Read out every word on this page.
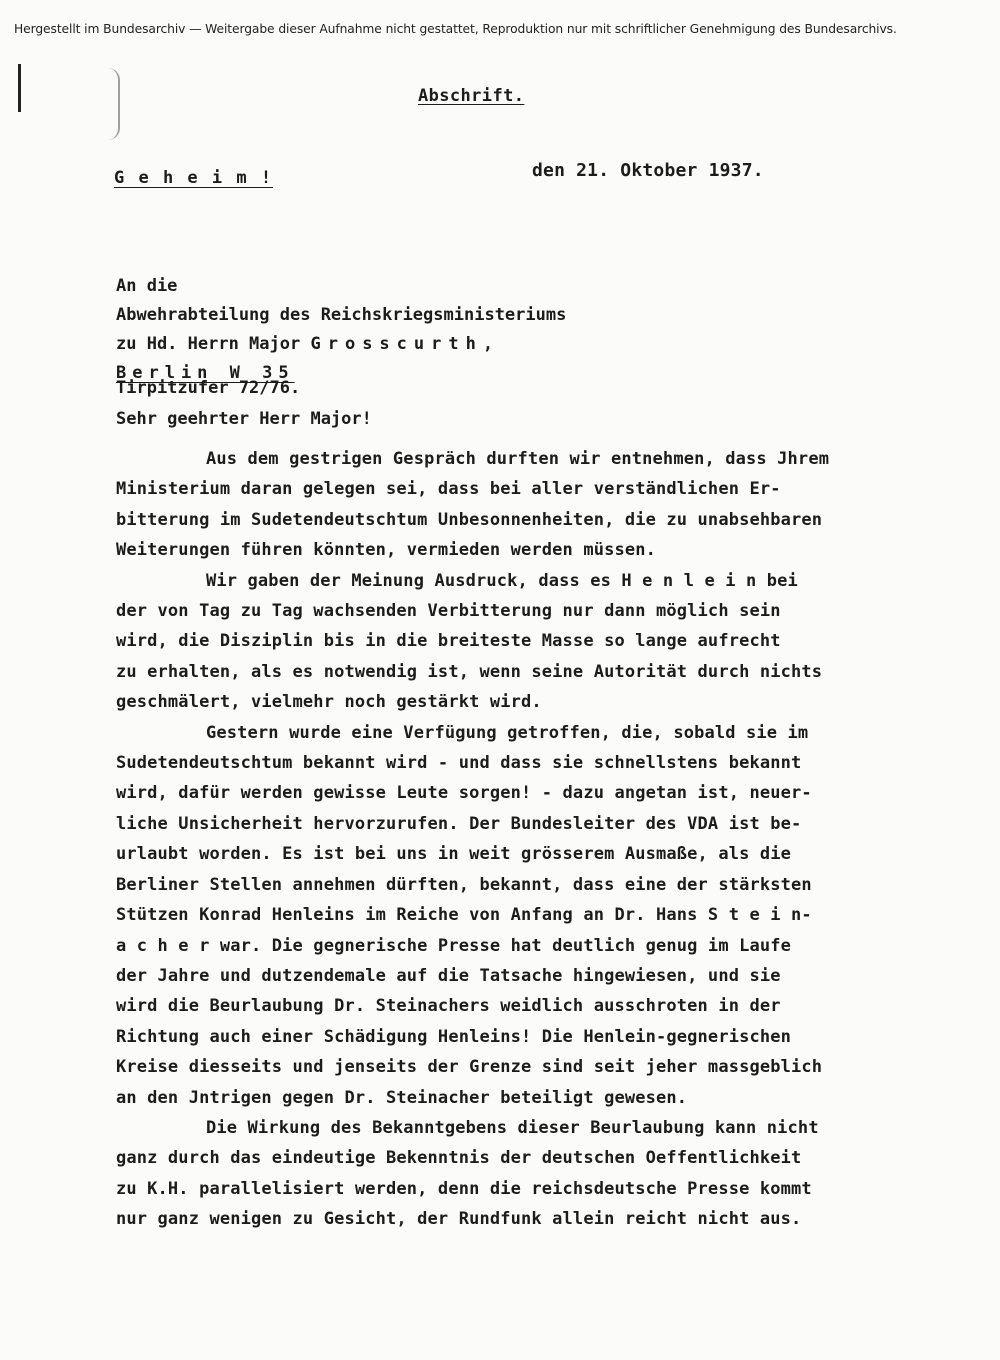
Hergestellt im Bundesarchiv — Weitergabe dieser Aufnahme nicht gestattet, Reproduktion nur mit schriftlicher Genehmigung des Bundesarchivs.
Abschrift.

G e h e i m !	den 21. Oktober 1937.
An die
Abwehrabteilung des Reichskriegsministeriums
zu Hd. Herrn Major Grosscurth,
Berlin W 35
Tirpitzufer 72/76.
Sehr geehrter Herr Major!
Aus dem gestrigen Gespräch durften wir entnehmen, dass Jhrem
Ministerium daran gelegen sei, dass bei aller verständlichen Er-
bitterung im Sudetendeutschtum Unbesonnenheiten, die zu unabsehbaren
Weiterungen führen könnten, vermieden werden müssen.
Wir gaben der Meinung Ausdruck, dass es H e n l e i n bei
der von Tag zu Tag wachsenden Verbitterung nur dann möglich sein
wird, die Disziplin bis in die breiteste Masse so lange aufrecht
zu erhalten, als es notwendig ist, wenn seine Autorität durch nichts
geschmälert, vielmehr noch gestärkt wird.
Gestern wurde eine Verfügung getroffen, die, sobald sie im
Sudetendeutschtum bekannt wird - und dass sie schnellstens bekannt
wird, dafür werden gewisse Leute sorgen! - dazu angetan ist, neuer-
liche Unsicherheit hervorzurufen. Der Bundesleiter des VDA ist be-
urlaubt worden. Es ist bei uns in weit grösserem Ausmaße, als die
Berliner Stellen annehmen dürften, bekannt, dass eine der stärksten
Stützen Konrad Henleins im Reiche von Anfang an Dr. Hans S t e i n-
a c h e r war. Die gegnerische Presse hat deutlich genug im Laufe
der Jahre und dutzendemale auf die Tatsache hingewiesen, und sie
wird die Beurlaubung Dr. Steinachers weidlich ausschroten in der
Richtung auch einer Schädigung Henleins! Die Henlein-gegnerischen
Kreise diesseits und jenseits der Grenze sind seit jeher massgeblich
an den Jntrigen gegen Dr. Steinacher beteiligt gewesen.
Die Wirkung des Bekanntgebens dieser Beurlaubung kann nicht
ganz durch das eindeutige Bekenntnis der deutschen Oeffentlichkeit
zu K.H. parallelisiert werden, denn die reichsdeutsche Presse kommt
nur ganz wenigen zu Gesicht, der Rundfunk allein reicht nicht aus.
